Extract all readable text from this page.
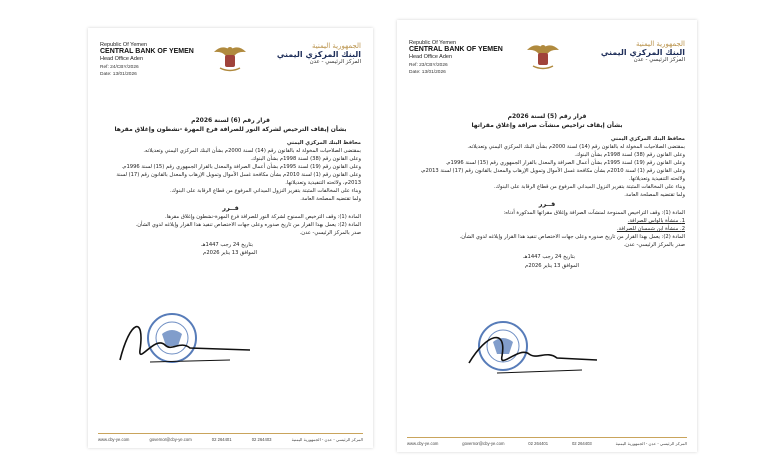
Republic Of Yemen
CENTRAL BANK OF YEMEN
Head Office Aden
Ref: 24/CBY/2026
Date: 13/01/2026
الجمهورية اليمنية
البنك المركزي اليمني
المركز الرئيسي - عدن
قرار رقم (6) لسنة 2026م
بشأن إيقاف الترخيص لشركة النور للصرافة فرع المهرة -نشطون وإغلاق مقرها
محافظ البنك المركزي اليمني
بمقتضى الصلاحيات المخولة له بالقانون رقم (14) لسنة 2000م بشأن البنك المركزي اليمني وتعديلاته.
وعلى القانون رقم (38) لسنة 1998م بشأن البنوك.
وعلى القانون رقم (19) لسنة 1995م بشأن أعمال الصرافة والمعدل بالقرار الجمهوري رقم (15) لسنة 1996م.
وعلى القانون رقم (1) لسنة 2010م بشأن مكافحة غسل الأموال وتمويل الإرهاب والمعدل بالقانون رقم (17) لسنة 2013م، ولائحته التنفيذية وتعديلاتها.
وبناء على المخالفات المثبتة بتقرير النزول الميداني المرفوع من قطاع الرقابة على البنوك.
ولما تقتضيه المصلحة العامة.
قــرر
المادة (1): وقف الترخيص الممنوح لشركة النور للصرافة فرع المهرة-نشطون وإغلاق مقرها.
المادة (2): يعمل بهذا القرار من تاريخ صدوره وعلى جهات الاختصاص تنفيذ هذا القرار وإبلاغه لذوي الشأن.
صدر بالمركز الرئيسي- عدن.
بتاريخ 24 رجب 1447هـ
الموافق 13 يناير 2026م
www.cby-ye.com	governor@cby-ye.com	02 264401	02 264403	المركز الرئيسي - عدن - الجمهورية اليمنية
Republic Of Yemen
CENTRAL BANK OF YEMEN
Head Office Aden
Ref: 23/CBY/2026
Date: 13/01/2026
الجمهورية اليمنية
البنك المركزي اليمني
المركز الرئيسي - عدن
قرار رقم (5) لسنة 2026م
بشأن إيقاف تراخيص منشآت صرافة وإغلاق مقراتها
محافظ البنك المركزي اليمني
بمقتضى الصلاحيات المخولة له بالقانون رقم (14) لسنة 2000م بشأن البنك المركزي اليمني وتعديلاته.
وعلى القانون رقم (38) لسنة 1998م بشأن البنوك.
وعلى القانون رقم (19) لسنة 1995م بشأن أعمال الصرافة والمعدل بالقرار الجمهوري رقم (15) لسنة 1996م.
وعلى القانون رقم (1) لسنة 2010م بشأن مكافحة غسل الأموال وتمويل الإرهاب والمعدل بالقانون رقم (17) لسنة 2013م، ولائحته التنفيذية وتعديلاتها.
وبناء على المخالفات المثبتة بتقرير النزول الميداني المرفوع من قطاع الرقابة على البنوك.
ولما تقتضيه المصلحة العامة.
قــرر
المادة (1): وقف التراخيص الممنوحة لمنشآت الصرافة وإغلاق مقراتها المذكورة أدناه:
1. منشأة بالواس للصرافة.
2. منشأة ابن شمسان للصرافة.
المادة (2): يعمل بهذا القرار من تاريخ صدوره وعلى جهات الاختصاص تنفيذ هذا القرار وإبلاغه لذوي الشأن.
صدر بالمركز الرئيسي- عدن.
بتاريخ 24 رجب 1447هـ
الموافق 13 يناير 2026م
www.cby-ye.com	governor@cby-ye.com	02 264401	02 264403	المركز الرئيسي - عدن - الجمهورية اليمنية
